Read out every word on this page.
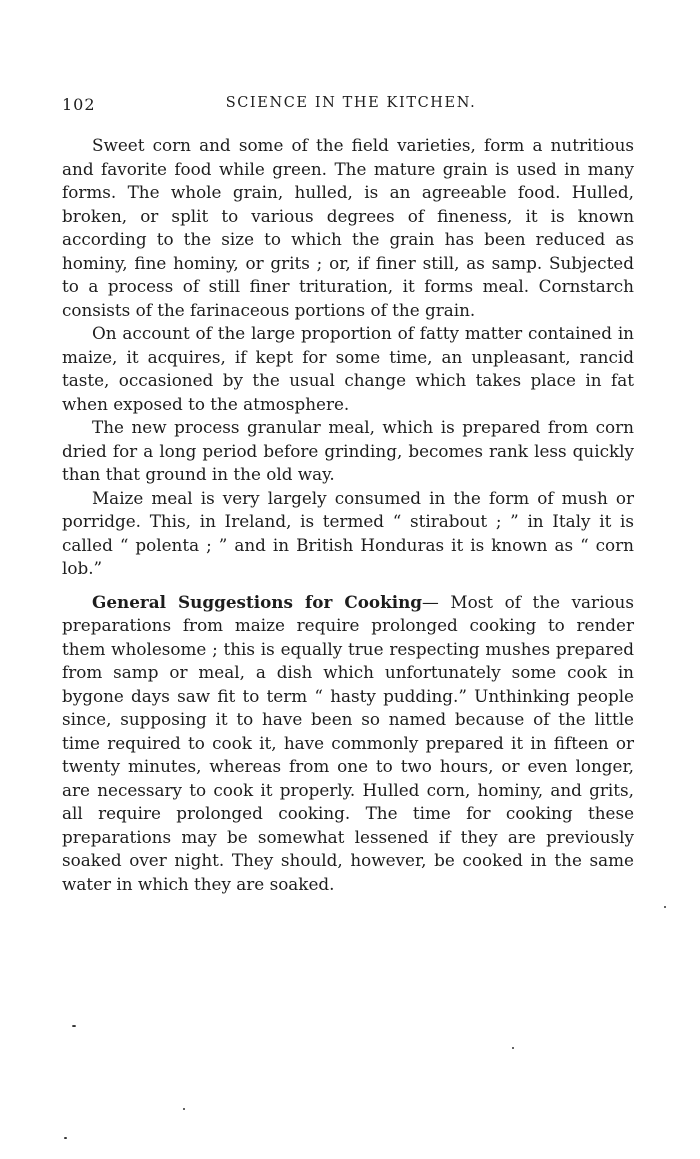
102	SCIENCE IN THE KITCHEN.

Sweet corn and some of the field varieties, form a nutritious and favorite food while green. The mature grain is used in many forms. The whole grain, hulled, is an agreeable food. Hulled, broken, or split to various degrees of fineness, it is known according to the size to which the grain has been reduced as hominy, fine hominy, or grits ; or, if finer still, as samp. Subjected to a process of still finer trituration, it forms meal. Cornstarch consists of the farinaceous portions of the grain.

On account of the large proportion of fatty matter contained in maize, it acquires, if kept for some time, an unpleasant, rancid taste, occasioned by the usual change which takes place in fat when exposed to the atmosphere.

The new process granular meal, which is prepared from corn dried for a long period before grinding, becomes rank less quickly than that ground in the old way.

Maize meal is very largely consumed in the form of mush or porridge. This, in Ireland, is termed “ stirabout ; ” in Italy it is called “ polenta ; ” and in British Honduras it is known as “ corn lob.”

General Suggestions for Cooking— Most of the various preparations from maize require prolonged cooking to render them wholesome ; this is equally true respecting mushes prepared from samp or meal, a dish which unfortunately some cook in bygone days saw fit to term “ hasty pudding.” Unthinking people since, supposing it to have been so named because of the little time required to cook it, have commonly prepared it in fifteen or twenty minutes, whereas from one to two hours, or even longer, are necessary to cook it properly. Hulled corn, hominy, and grits, all require prolonged cooking. The time for cooking these preparations may be somewhat lessened if they are previously soaked over night. They should, however, be cooked in the same water in which they are soaked.
